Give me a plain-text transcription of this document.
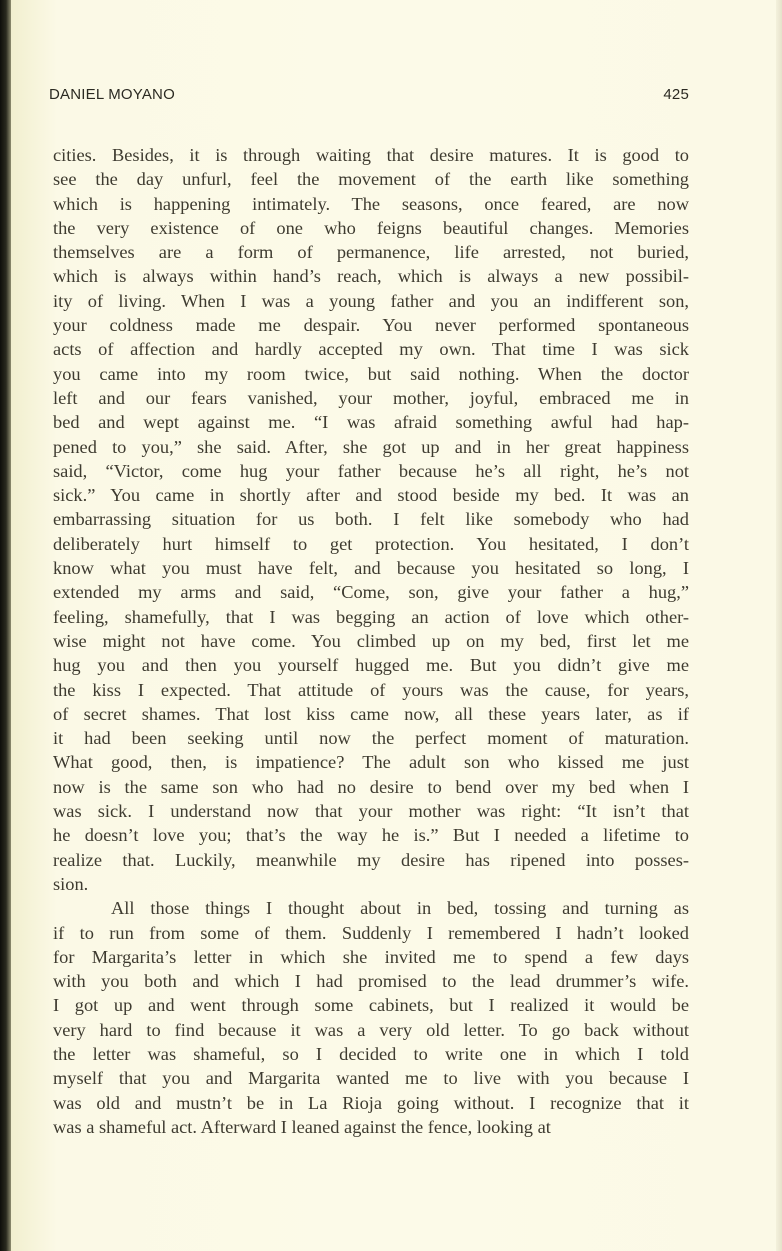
DANIEL MOYANO	425
cities. Besides, it is through waiting that desire matures. It is good to
see the day unfurl, feel the movement of the earth like something
which is happening intimately. The seasons, once feared, are now
the very existence of one who feigns beautiful changes. Memories
themselves are a form of permanence, life arrested, not buried,
which is always within hand’s reach, which is always a new possibil-
ity of living. When I was a young father and you an indifferent son,
your coldness made me despair. You never performed spontaneous
acts of affection and hardly accepted my own. That time I was sick
you came into my room twice, but said nothing. When the doctor
left and our fears vanished, your mother, joyful, embraced me in
bed and wept against me. “I was afraid something awful had hap-
pened to you,” she said. After, she got up and in her great happiness
said, “Victor, come hug your father because he’s all right, he’s not
sick.” You came in shortly after and stood beside my bed. It was an
embarrassing situation for us both. I felt like somebody who had
deliberately hurt himself to get protection. You hesitated, I don’t
know what you must have felt, and because you hesitated so long, I
extended my arms and said, “Come, son, give your father a hug,”
feeling, shamefully, that I was begging an action of love which other-
wise might not have come. You climbed up on my bed, first let me
hug you and then you yourself hugged me. But you didn’t give me
the kiss I expected. That attitude of yours was the cause, for years,
of secret shames. That lost kiss came now, all these years later, as if
it had been seeking until now the perfect moment of maturation.
What good, then, is impatience? The adult son who kissed me just
now is the same son who had no desire to bend over my bed when I
was sick. I understand now that your mother was right: “It isn’t that
he doesn’t love you; that’s the way he is.” But I needed a lifetime to
realize that. Luckily, meanwhile my desire has ripened into posses-
sion.
All those things I thought about in bed, tossing and turning as
if to run from some of them. Suddenly I remembered I hadn’t looked
for Margarita’s letter in which she invited me to spend a few days
with you both and which I had promised to the lead drummer’s wife.
I got up and went through some cabinets, but I realized it would be
very hard to find because it was a very old letter. To go back without
the letter was shameful, so I decided to write one in which I told
myself that you and Margarita wanted me to live with you because I
was old and mustn’t be in La Rioja going without. I recognize that it
was a shameful act. Afterward I leaned against the fence, looking at
